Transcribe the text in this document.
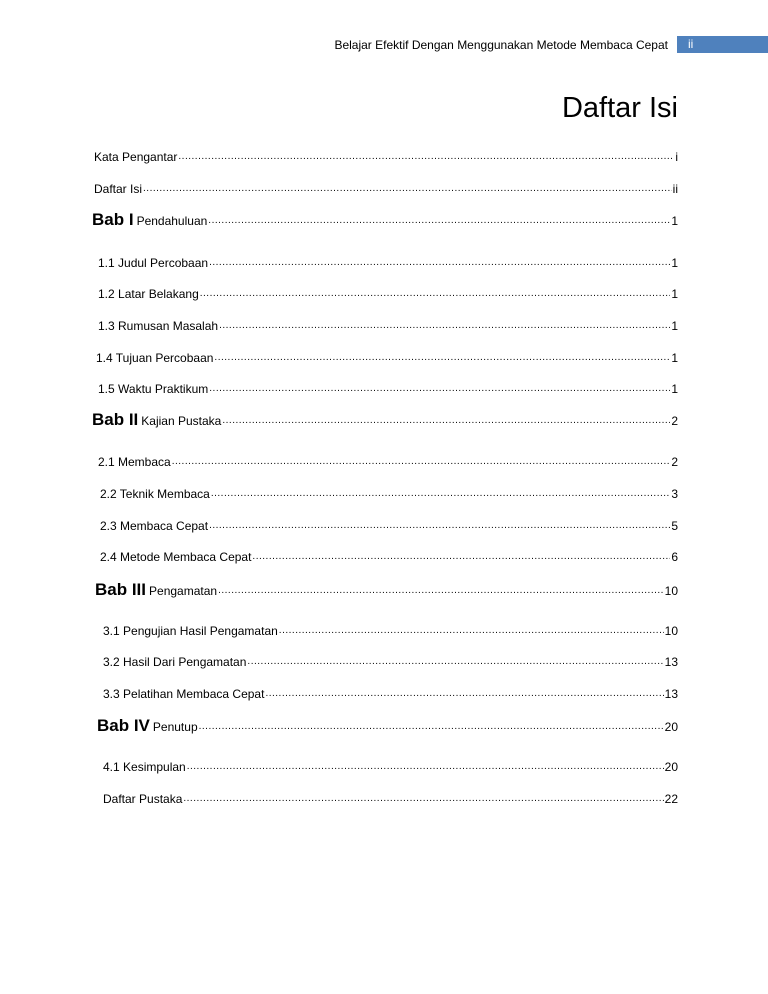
Belajar Efektif Dengan Menggunakan Metode Membaca Cepat	ii
Daftar Isi
Kata Pengantar .....	i
Daftar Isi .....	ii
Bab I Pendahuluan .....	1
1.1 Judul Percobaan .....	1
1.2 Latar Belakang .....	1
1.3 Rumusan Masalah .....	1
1.4 Tujuan Percobaan .....	1
1.5 Waktu Praktikum .....	1
Bab II Kajian Pustaka .....	2
2.1 Membaca .....	2
2.2 Teknik Membaca .....	3
2.3 Membaca Cepat .....	5
2.4 Metode Membaca Cepat .....	6
Bab III Pengamatan .....	10
3.1 Pengujian Hasil Pengamatan .....	10
3.2 Hasil Dari Pengamatan .....	13
3.3 Pelatihan Membaca Cepat .....	13
Bab IV Penutup .....	20
4.1 Kesimpulan .....	20
Daftar Pustaka .....	22
